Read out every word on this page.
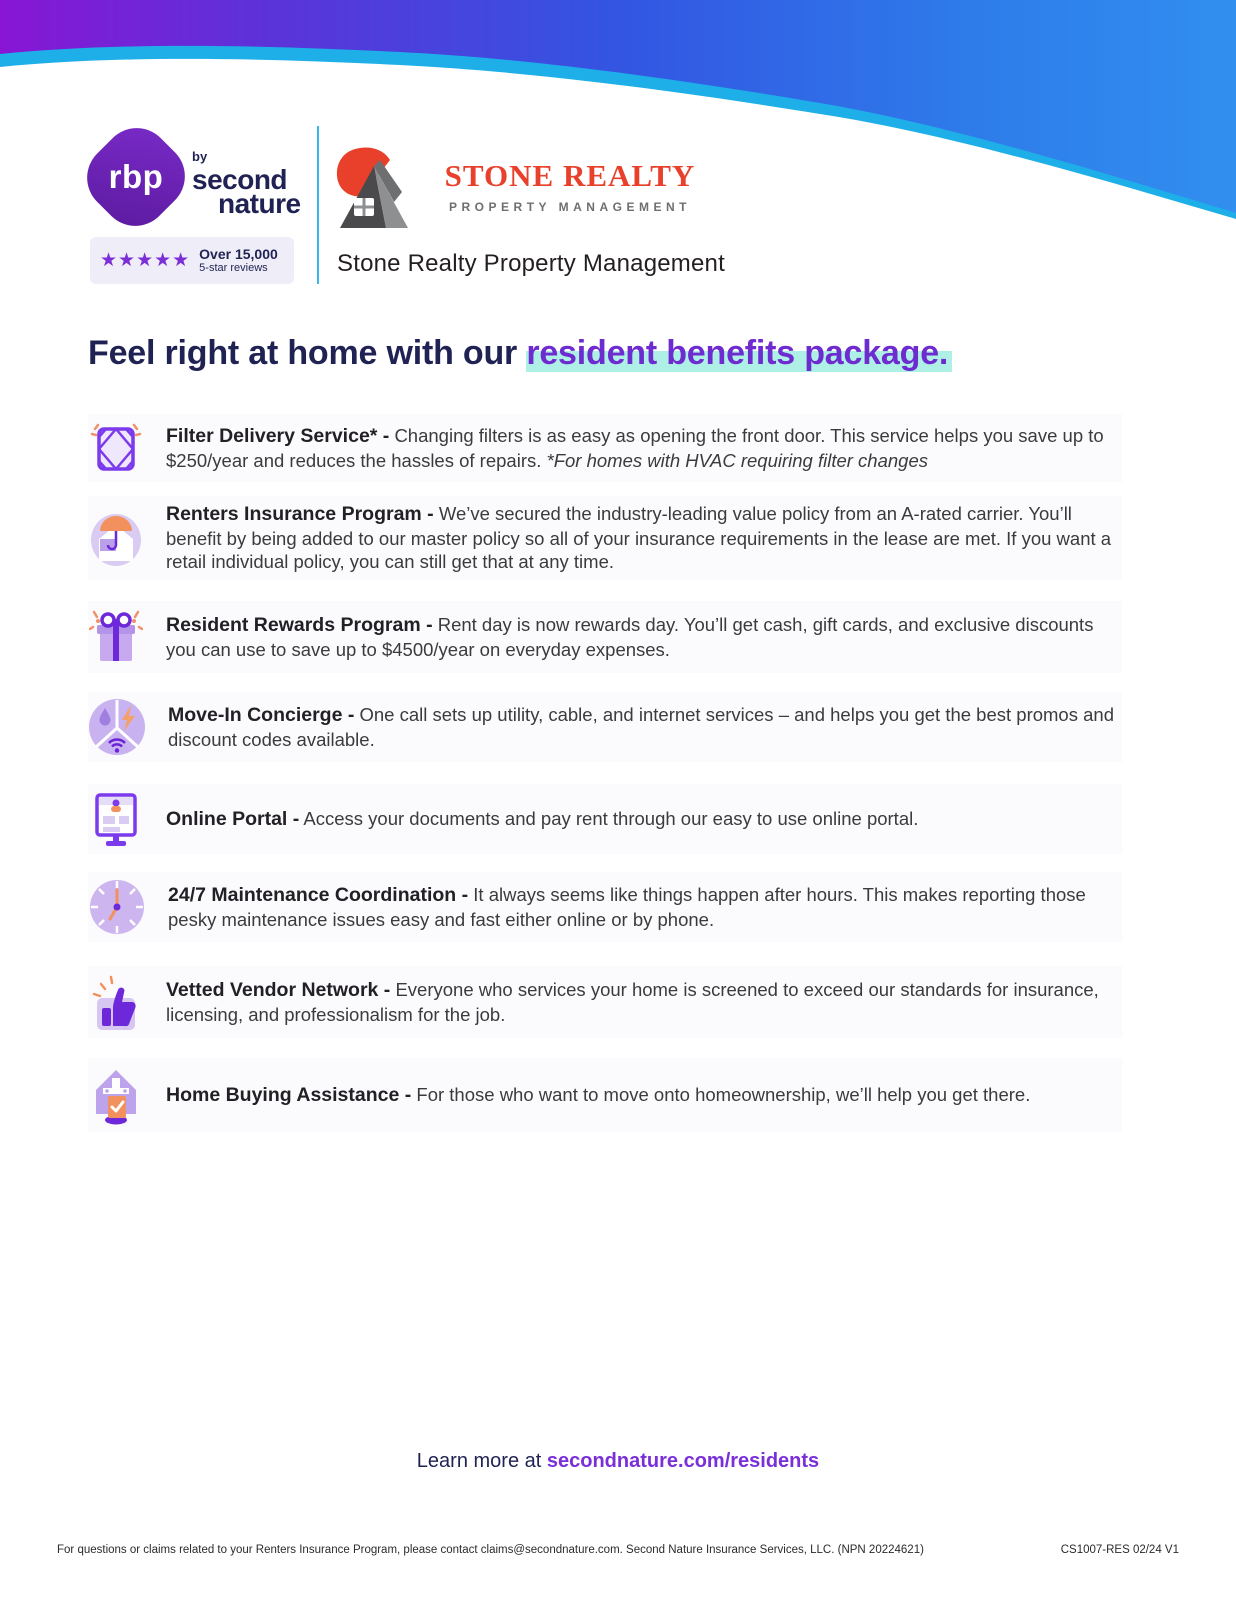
rbp
$^{by}$ second
nature
★★★★★ Over 15,000
5-star reviews
STONE REALTY
PROPERTY MANAGEMENT
Stone Realty Property Management
Feel right at home with our resident benefits package.
Filter Delivery Service* - Changing filters is as easy as opening the front door. This service helps you save up to $250/year and reduces the hassles of repairs. *For homes with HVAC requiring filter changes
Renters Insurance Program - We’ve secured the industry-leading value policy from an A-rated carrier. You’ll benefit by being added to our master policy so all of your insurance requirements in the lease are met. If you want a retail individual policy, you can still get that at any time.
Resident Rewards Program - Rent day is now rewards day. You’ll get cash, gift cards, and exclusive discounts you can use to save up to $4500/year on everyday expenses.
Move-In Concierge - One call sets up utility, cable, and internet services – and helps you get the best promos and discount codes available.
Online Portal - Access your documents and pay rent through our easy to use online portal.
24/7 Maintenance Coordination - It always seems like things happen after hours. This makes reporting those pesky maintenance issues easy and fast either online or by phone.
Vetted Vendor Network - Everyone who services your home is screened to exceed our standards for insurance, licensing, and professionalism for the job.
Home Buying Assistance - For those who want to move onto homeownership, we’ll help you get there.
Learn more at secondnature.com/residents
For questions or claims related to your Renters Insurance Program, please contact claims@secondnature.com. Second Nature Insurance Services, LLC. (NPN 20224621)	CS1007-RES 02/24 V1
